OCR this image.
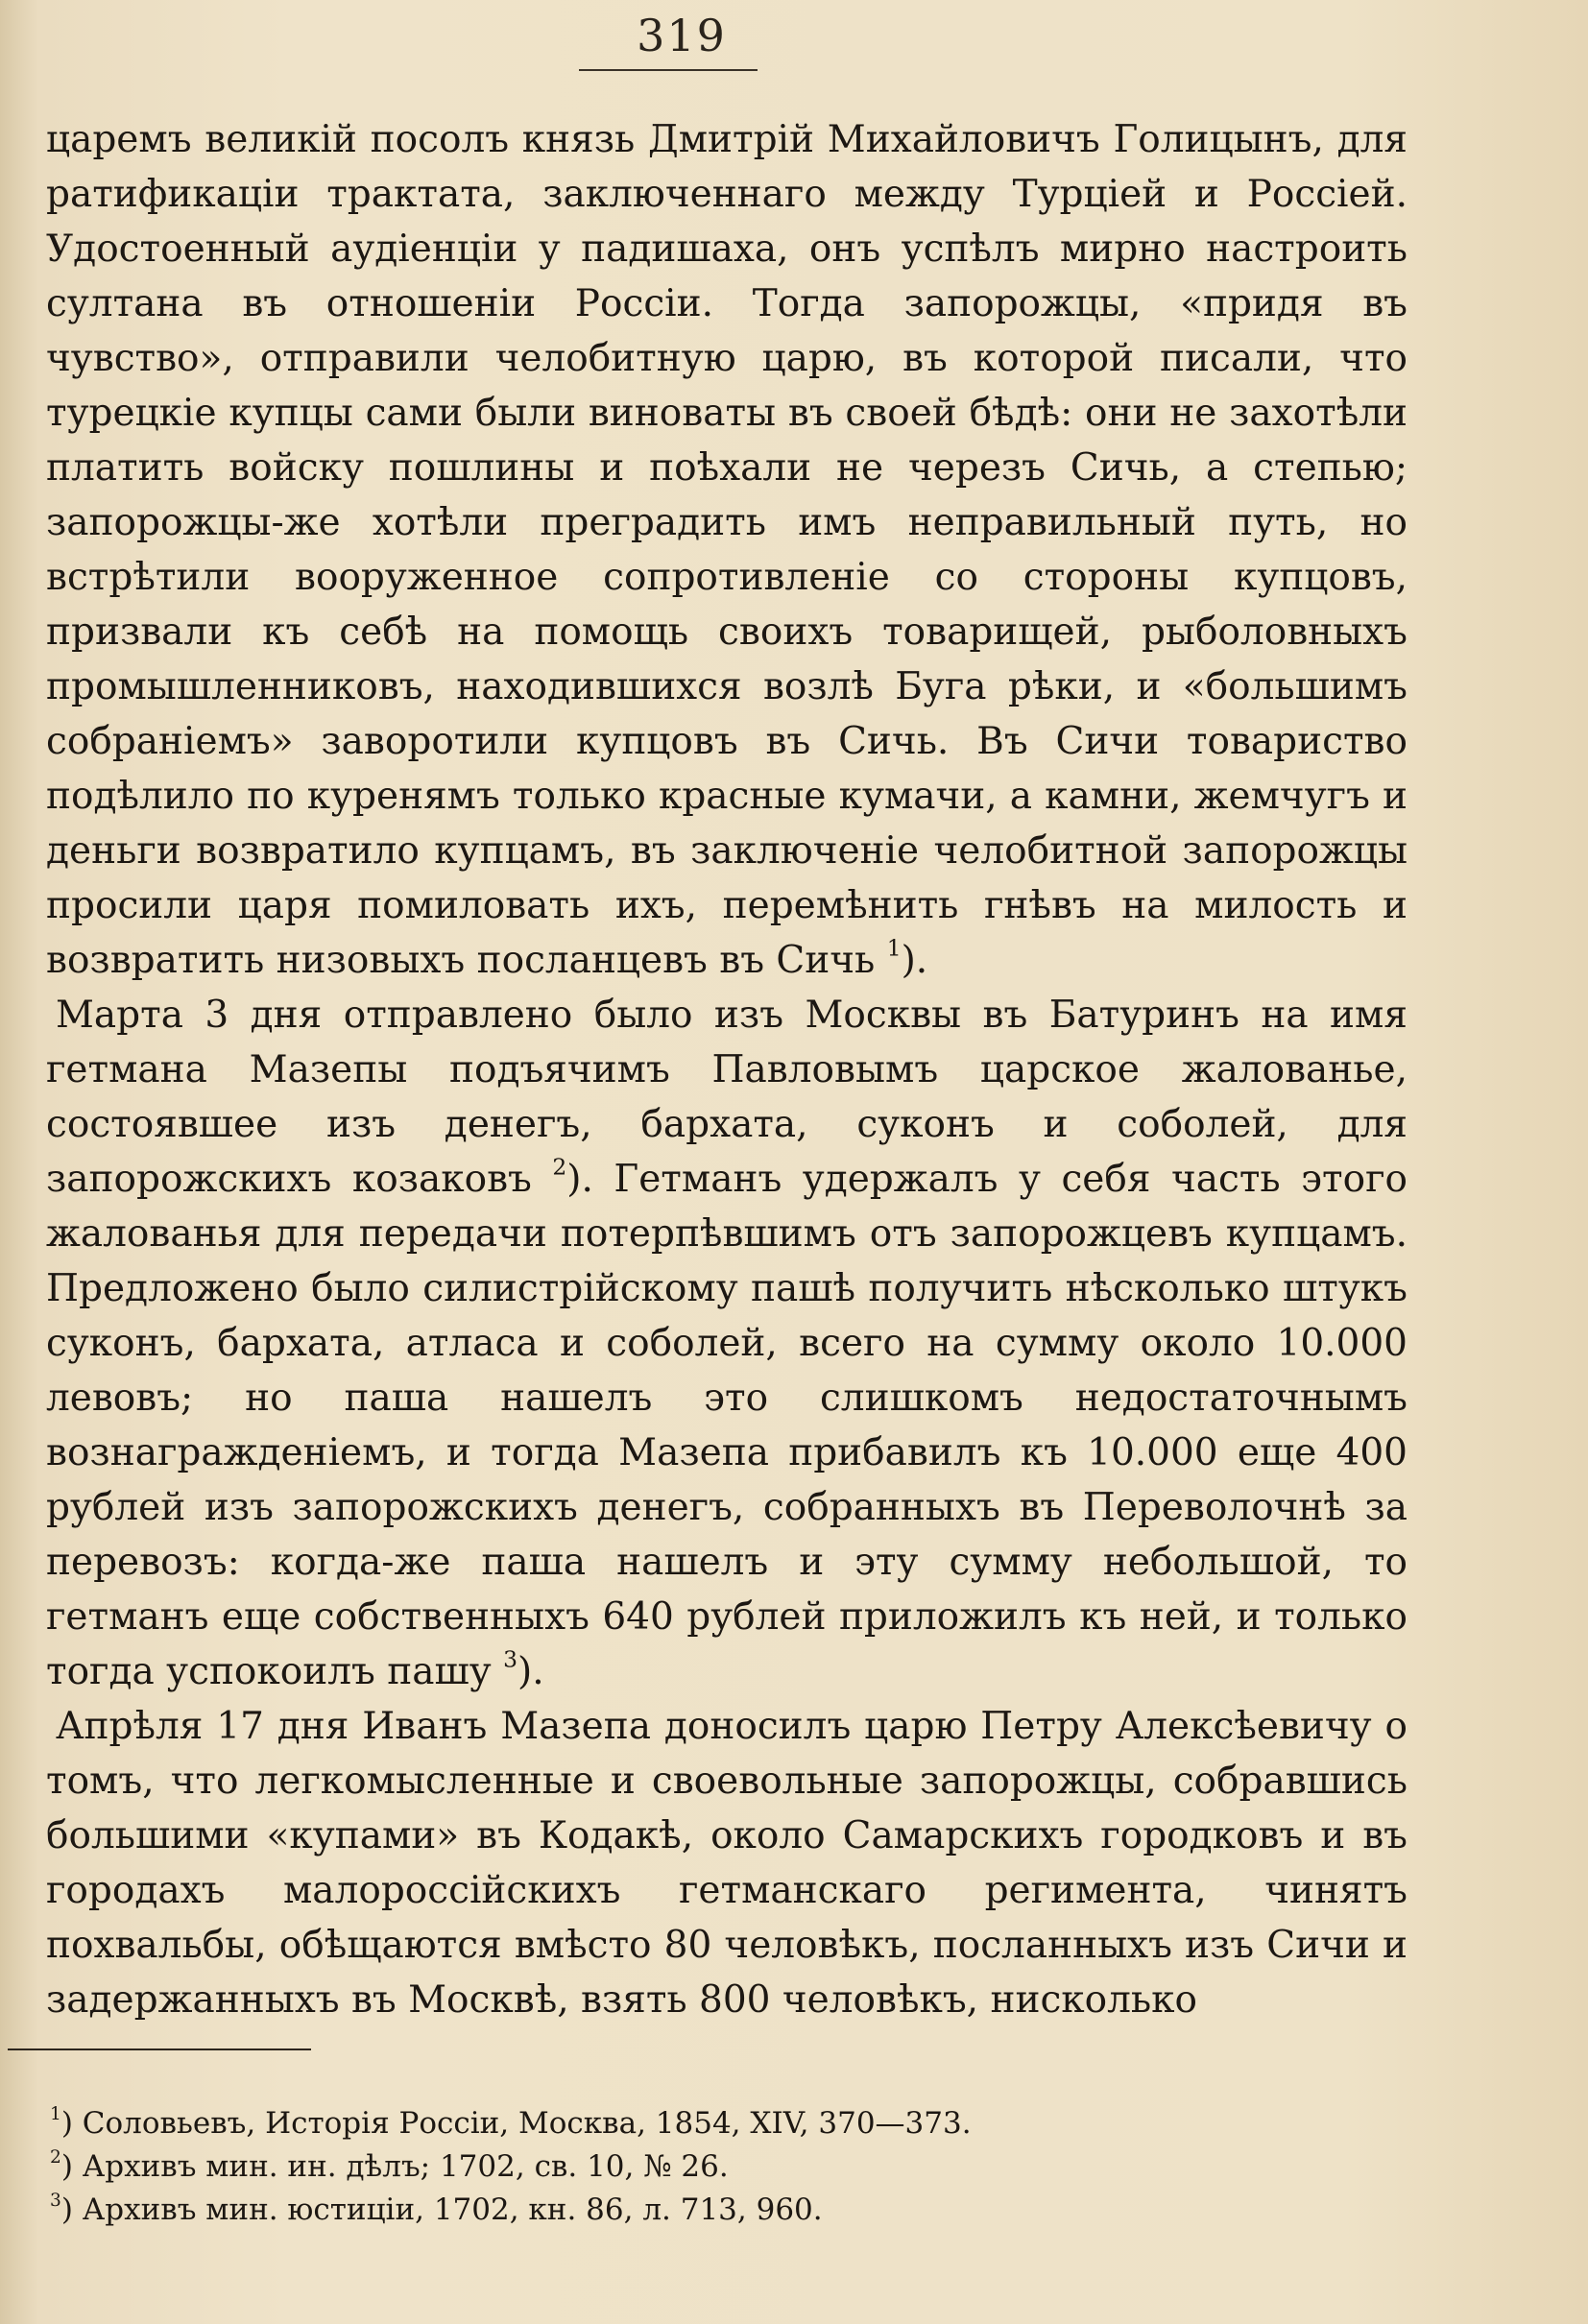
319

царемъ великій посолъ князь Дмитрій Михайловичъ Голицынъ, для ратификаціи трактата, заключеннаго между Турціей и Россіей. Удостоенный аудіенціи у падишаха, онъ успѣлъ мирно настроить султана въ отношеніи Россіи. Тогда запорожцы, «придя въ чувство», отправили челобитную царю, въ которой писали, что турецкіе купцы сами были виноваты въ своей бѣдѣ: они не захотѣли платить войску пошлины и поѣхали не черезъ Сичь, а степью; запорожцы-же хотѣли преградить имъ неправильный путь, но встрѣтили вооруженное сопротивленіе со стороны купцовъ, призвали къ себѣ на помощь своихъ товарищей, рыболовныхъ промышленниковъ, находившихся возлѣ Буга рѣки, и «большимъ собраніемъ» заворотили купцовъ въ Сичь. Въ Сичи товариство подѣлило по куренямъ только красные кумачи, а камни, жемчугъ и деньги возвратило купцамъ, въ заключеніе челобитной запорожцы просили царя помиловать ихъ, перемѣнить гнѣвъ на милость и возвратить низовыхъ посланцевъ въ Сичь $^1$).

Марта 3 дня отправлено было изъ Москвы въ Батуринъ на имя гетмана Мазепы подъячимъ Павловымъ царское жалованье, состоявшее изъ денегъ, бархата, суконъ и соболей, для запорожскихъ козаковъ $^2$). Гетманъ удержалъ у себя часть этого жалованья для передачи потерпѣвшимъ отъ запорожцевъ купцамъ. Предложено было силистрійскому пашѣ получить нѣсколько штукъ суконъ, бархата, атласа и соболей, всего на сумму около 10.000 левовъ; но паша нашелъ это слишкомъ недостаточнымъ вознагражденіемъ, и тогда Мазепа прибавилъ къ 10.000 еще 400 рублей изъ запорожскихъ денегъ, собранныхъ въ Переволочнѣ за перевозъ: когда-же паша нашелъ и эту сумму небольшой, то гетманъ еще собственныхъ 640 рублей приложилъ къ ней, и только тогда успокоилъ пашу $^3$).

Апрѣля 17 дня Иванъ Мазепа доносилъ царю Петру Алексѣевичу о томъ, что легкомысленные и своевольные запорожцы, собравшись большими «купами» въ Кодакѣ, около Самарскихъ городковъ и въ городахъ малороссійскихъ гетманскаго регимента, чинятъ похвальбы, обѣщаются вмѣсто 80 человѣкъ, посланныхъ изъ Сичи и задержанныхъ въ Москвѣ, взять 800 человѣкъ, нисколько

$^1$) Соловьевъ, Исторія Россіи, Москва, 1854, XIV, 370—373.
$^2$) Архивъ мин. ин. дѣлъ; 1702, св. 10, № 26.
$^3$) Архивъ мин. юстиціи, 1702, кн. 86, л. 713, 960.
